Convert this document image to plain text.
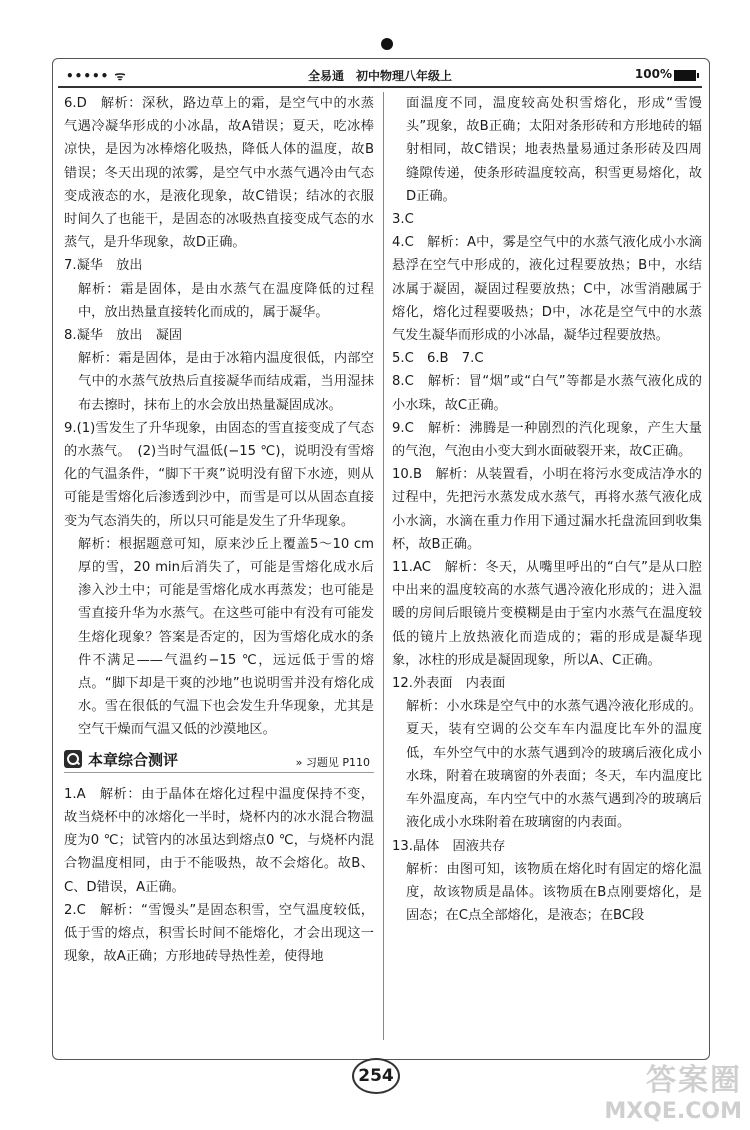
••••• ᯤ	全易通　初中物理八年级上	100%

6.D　解析：深秋，路边草上的霜，是空气中的水蒸气遇冷凝华形成的小冰晶，故A错误；夏天，吃冰棒凉快，是因为冰棒熔化吸热，降低人体的温度，故B错误；冬天出现的浓雾，是空气中水蒸气遇冷由气态变成液态的水，是液化现象，故C错误；结冰的衣服时间久了也能干，是固态的冰吸热直接变成气态的水蒸气，是升华现象，故D正确。

7.凝华　放出

解析：霜是固体，是由水蒸气在温度降低的过程中，放出热量直接转化而成的，属于凝华。

8.凝华　放出　凝固

解析：霜是固体，是由于冰箱内温度很低，内部空气中的水蒸气放热后直接凝华而结成霜，当用湿抹布去擦时，抹布上的水会放出热量凝固成冰。

9.(1)雪发生了升华现象，由固态的雪直接变成了气态的水蒸气。　(2)当时气温低(−15 ℃)，说明没有雪熔化的气温条件，“脚下干爽”说明没有留下水迹，则从可能是雪熔化后渗透到沙中，而雪是可以从固态直接变为气态消失的，所以只可能是发生了升华现象。

解析：根据题意可知，原来沙丘上覆盖5～10 cm厚的雪，20 min后消失了，可能是雪熔化成水后渗入沙土中；可能是雪熔化成水再蒸发；也可能是雪直接升华为水蒸气。在这些可能中有没有可能发生熔化现象？答案是否定的，因为雪熔化成水的条件不满足——气温约−15 ℃，远远低于雪的熔点。“脚下却是干爽的沙地”也说明雪并没有熔化成水。雪在很低的气温下也会发生升华现象，尤其是空气干燥而气温又低的沙漠地区。

本章综合测评	» 习题见 P110

1.A　解析：由于晶体在熔化过程中温度保持不变，故当烧杯中的冰熔化一半时，烧杯内的冰水混合物温度为0 ℃；试管内的冰虽达到熔点0 ℃，与烧杯内混合物温度相同，由于不能吸热，故不会熔化。故B、C、D错误，A正确。

2.C　解析：“雪馒头”是固态积雪，空气温度较低，低于雪的熔点，积雪长时间不能熔化，才会出现这一现象，故A正确；方形地砖导热性差，使得地

面温度不同，温度较高处积雪熔化，形成“雪馒头”现象，故B正确；太阳对条形砖和方形地砖的辐射相同，故C错误；地表热量易通过条形砖及四周缝隙传递，使条形砖温度较高，积雪更易熔化，故D正确。

3.C

4.C　解析：A中，雾是空气中的水蒸气液化成小水滴悬浮在空气中形成的，液化过程要放热；B中，水结冰属于凝固，凝固过程要放热；C中，冰雪消融属于熔化，熔化过程要吸热；D中，冰花是空气中的水蒸气发生凝华而形成的小冰晶，凝华过程要放热。

5.C　6.B　7.C

8.C　解析：冒“烟”或“白气”等都是水蒸气液化成的小水珠，故C正确。

9.C　解析：沸腾是一种剧烈的汽化现象，产生大量的气泡，气泡由小变大到水面破裂开来，故C正确。

10.B　解析：从装置看，小明在将污水变成洁净水的过程中，先把污水蒸发成水蒸气，再将水蒸气液化成小水滴，水滴在重力作用下通过漏水托盘流回到收集杯，故B正确。

11.AC　解析：冬天，从嘴里呼出的“白气”是从口腔中出来的温度较高的水蒸气遇冷液化形成的；进入温暖的房间后眼镜片变模糊是由于室内水蒸气在温度较低的镜片上放热液化而造成的；霜的形成是凝华现象，冰柱的形成是凝固现象，所以A、C正确。

12.外表面　内表面

解析：小水珠是空气中的水蒸气遇冷液化形成的。夏天，装有空调的公交车车内温度比车外的温度低，车外空气中的水蒸气遇到冷的玻璃后液化成小水珠，附着在玻璃窗的外表面；冬天，车内温度比车外温度高，车内空气中的水蒸气遇到冷的玻璃后液化成小水珠附着在玻璃窗的内表面。

13.晶体　固液共存

解析：由图可知，该物质在熔化时有固定的熔化温度，故该物质是晶体。该物质在B点刚要熔化，是固态；在C点全部熔化，是液态；在BC段

254	答案圈
MXQE.COM
